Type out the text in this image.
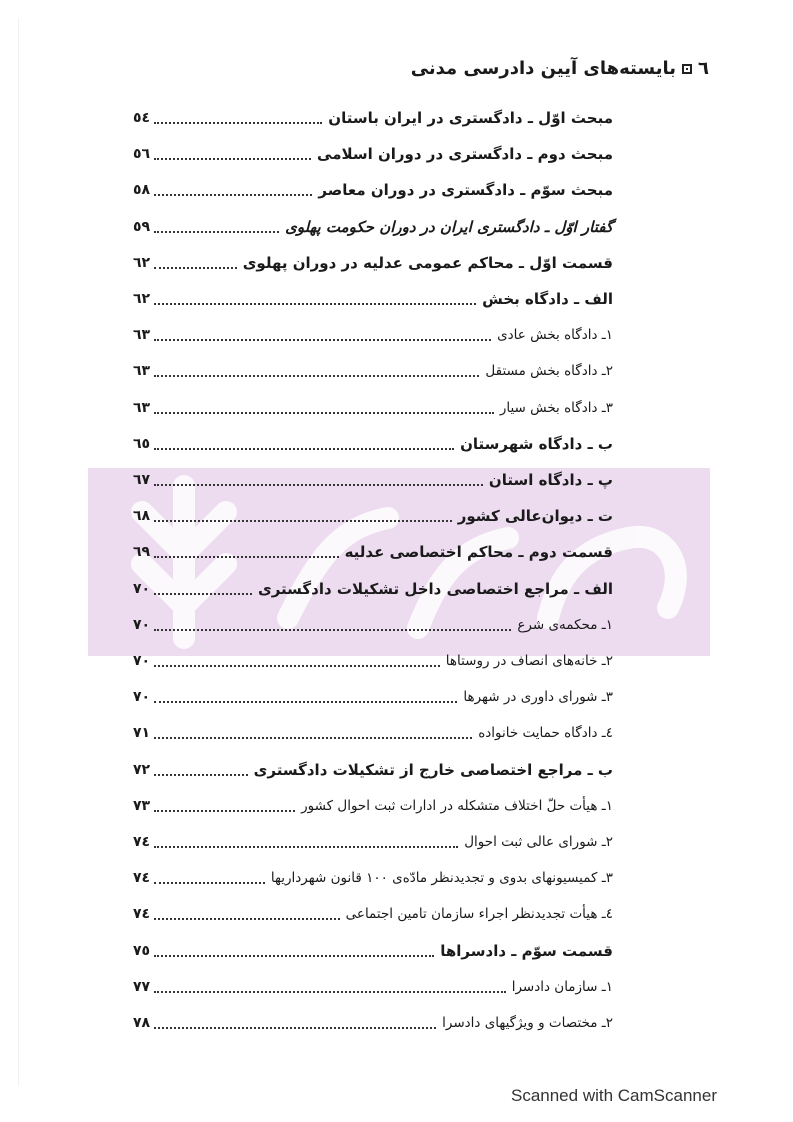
٦
بایسته‌های آیین دادرسی مدنی
مبحث اوّل ـ دادگستری در ایران باستان
٥٤
مبحث دوم ـ دادگستری در دوران اسلامی
٥٦
مبحث سوّم ـ دادگستری در دوران معاصر
٥٨
گفتار اوّل ـ دادگستری ایران در دوران حکومت پهلوی
٥٩
قسمت اوّل ـ محاکم عمومی عدلیه در دوران پهلوی
٦٢
الف ـ دادگاه بخش
٦٢
١ـ دادگاه بخش عادی
٦٣
٢ـ دادگاه بخش مستقل
٦٣
٣ـ دادگاه بخش سیار
٦٣
ب ـ دادگاه شهرستان
٦٥
پ ـ دادگاه استان
٦٧
ت ـ دیوان‌عالی کشور
٦٨
قسمت دوم ـ محاکم اختصاصی عدلیه
٦٩
الف ـ مراجع اختصاصی داخل تشکیلات دادگستری
٧٠
١ـ محکمه‌ی شرع
٧٠
٢ـ خانه‌های انصاف در روستاها
٧٠
٣ـ شورای داوری در شهرها
٧٠
٤ـ دادگاه حمایت خانواده
٧١
ب ـ مراجع اختصاصی خارج از تشکیلات دادگستری
٧٢
١ـ هیأت حلّ اختلاف متشکله در ادارات ثبت احوال کشور
٧٣
٢ـ شورای عالی ثبت احوال
٧٤
٣ـ کمیسیونهای بدوی و تجدیدنظر مادّه‌ی ١٠٠ قانون شهرداریها
٧٤
٤ـ هیأت تجدیدنظر اجراء سازمان تامین اجتماعی
٧٤
قسمت سوّم ـ دادسراها
٧٥
١ـ سازمان دادسرا
٧٧
٢ـ مختصات و ویژگیهای دادسرا
٧٨
Scanned with CamScanner
